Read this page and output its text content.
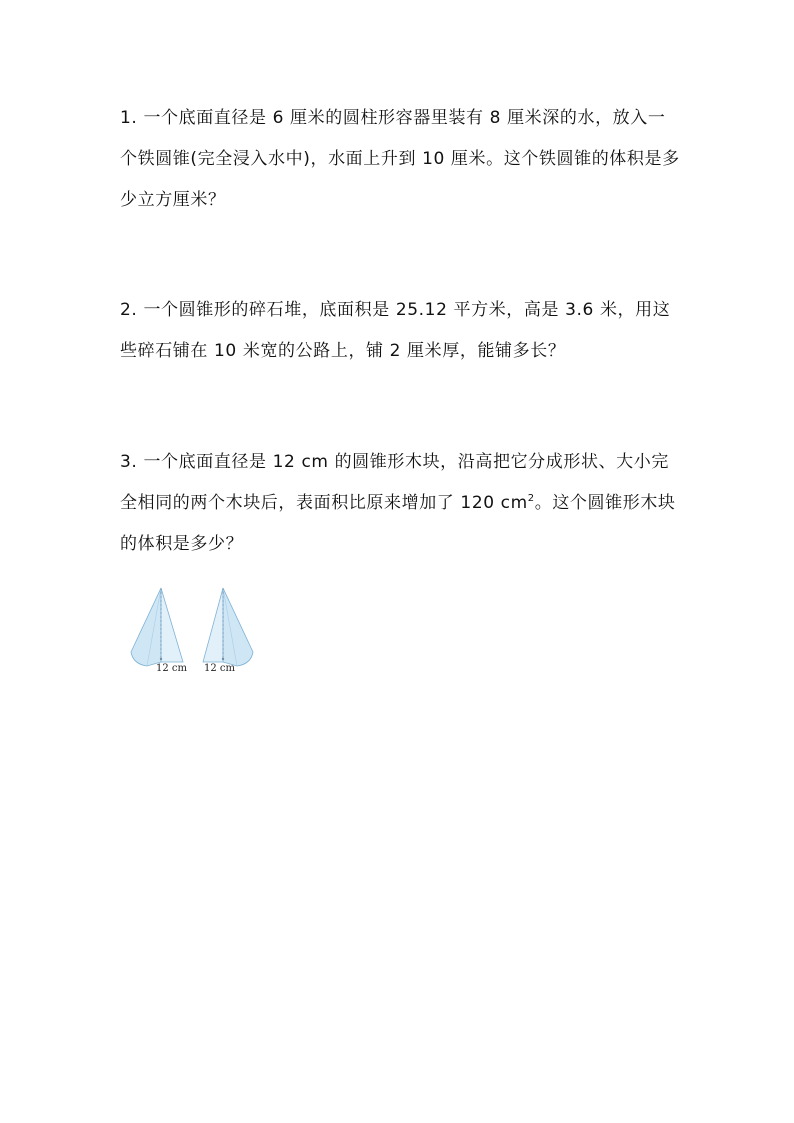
1. 一个底面直径是 6 厘米的圆柱形容器里装有 8 厘米深的水，放入一个铁圆锥(完全浸入水中)，水面上升到 10 厘米。这个铁圆锥的体积是多少立方厘米？

2. 一个圆锥形的碎石堆，底面积是 25.12 平方米，高是 3.6 米，用这些碎石铺在 10 米宽的公路上，铺 2 厘米厚，能铺多长？

3. 一个底面直径是 12 cm 的圆锥形木块，沿高把它分成形状、大小完全相同的两个木块后，表面积比原来增加了 120 $cm^2$。这个圆锥形木块的体积是多少？

12 cm 12 cm
